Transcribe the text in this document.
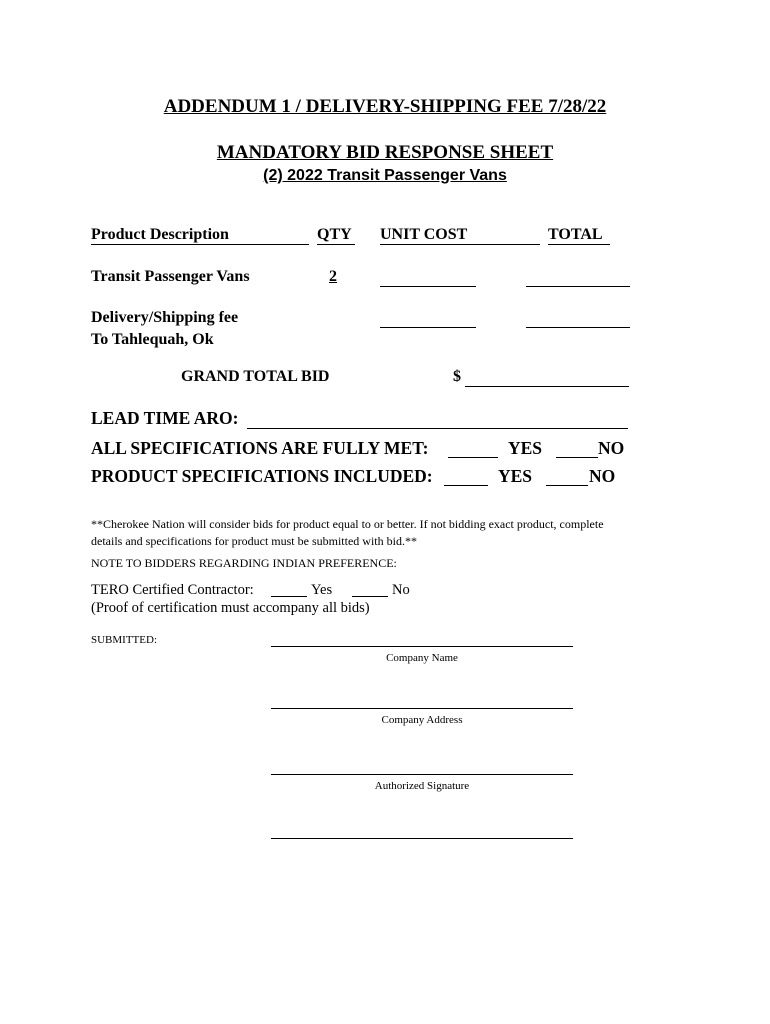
ADDENDUM 1 / DELIVERY-SHIPPING FEE 7/28/22
MANDATORY BID RESPONSE SHEET
(2) 2022 Transit Passenger Vans
Product Description	QTY UNIT COST	TOTAL
Transit Passenger Vans	2
Delivery/Shipping fee
To Tahlequah, Ok
GRAND TOTAL BID	$
LEAD TIME ARO:
ALL SPECIFICATIONS ARE FULLY MET:	YES	NO
PRODUCT SPECIFICATIONS INCLUDED:	YES	NO
**Cherokee Nation will consider bids for product equal to or better. If not bidding exact product, complete
details and specifications for product must be submitted with bid.**
NOTE TO BIDDERS REGARDING INDIAN PREFERENCE:
TERO Certified Contractor:	Yes	No
(Proof of certification must accompany all bids)
SUBMITTED:
Company Name
Company Address
Authorized Signature
